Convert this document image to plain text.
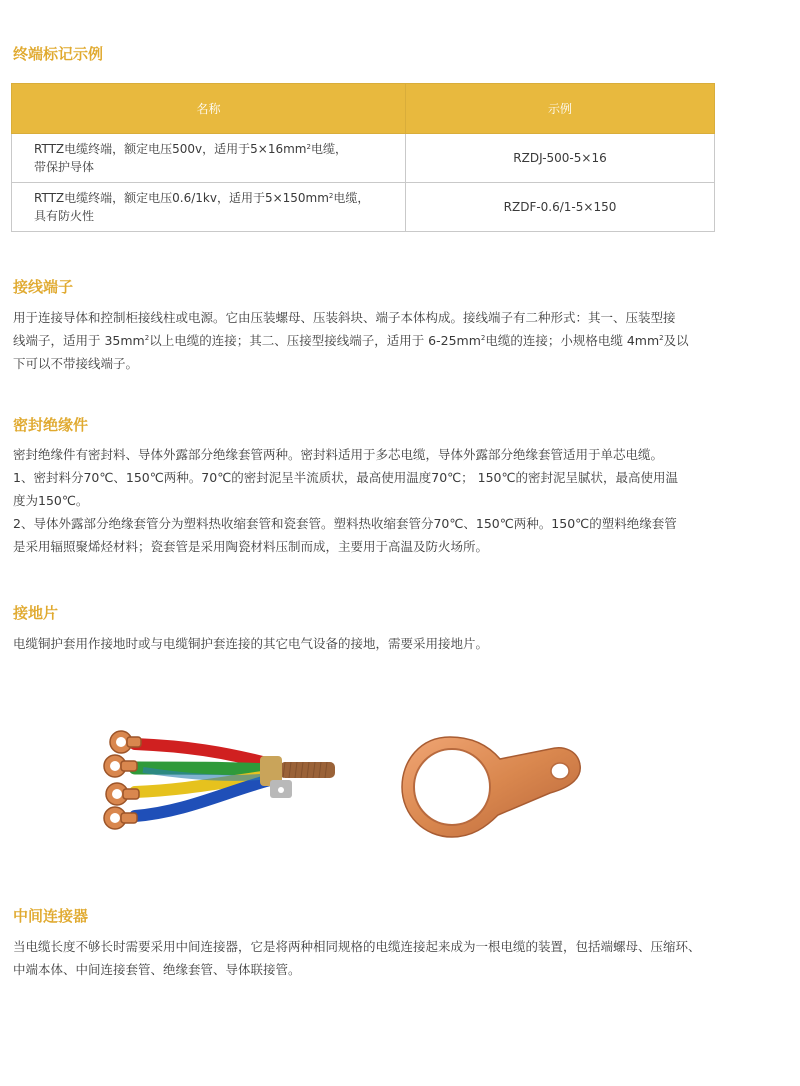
终端标记示例
名称	示例
RTTZ电缆终端，额定电压500v，适用于$5\times 16mm^2$电缆，
带保护导体	RZDJ-500-5×16
RTTZ电缆终端，额定电压0.6/1kv，适用于$5\times 150mm^2$电缆，
具有防火性	RZDF-0.6/1-5×150
接线端子

用于连接导体和控制柜接线柱或电源。它由压装螺母、压装斜块、端子本体构成。接线端子有二种形式：其一、压装型接

线端子，适用于 $35mm^2$以上电缆的连接；其二、压接型接线端子，适用于 $6-25mm^2$电缆的连接；小规格电缆 $4mm^2$及以

下可以不带接线端子。

密封绝缘件

密封绝缘件有密封料、导体外露部分绝缘套管两种。密封料适用于多芯电缆，导体外露部分绝缘套管适用于单芯电缆。

1、密封料分70℃、150℃两种。70℃的密封泥呈半流质状，最高使用温度70℃； 150℃的密封泥呈腻状，最高使用温

度为150℃。

2、导体外露部分绝缘套管分为塑料热收缩套管和瓷套管。塑料热收缩套管分70℃、150℃两种。150℃的塑料绝缘套管

是采用辐照聚烯烃材料；瓷套管是采用陶瓷材料压制而成，主要用于高温及防火场所。

接地片
电缆铜护套用作接地时或与电缆铜护套连接的其它电气设备的接地，需要采用接地片。
中间连接器

当电缆长度不够长时需要采用中间连接器，它是将两种相同规格的电缆连接起来成为一根电缆的装置，包括端螺母、压缩环、

中端本体、中间连接套管、绝缘套管、导体联接管。
